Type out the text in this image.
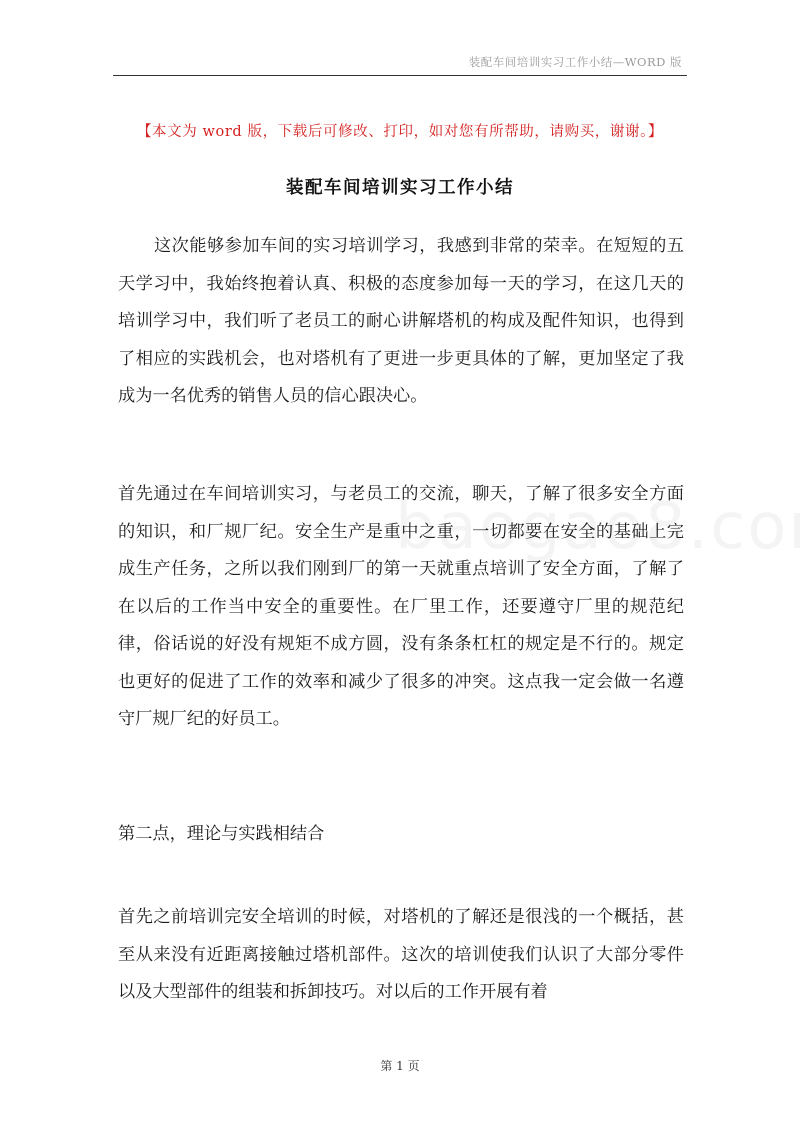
装配车间培训实习工作小结—WORD 版
【本文为 word 版，下载后可修改、打印，如对您有所帮助，请购买，谢谢。】
装配车间培训实习工作小结

这次能够参加车间的实习培训学习，我感到非常的荣幸。在短短的五天学习中，我始终抱着认真、积极的态度参加每一天的学习，在这几天的培训学习中，我们听了老员工的耐心讲解塔机的构成及配件知识，也得到了相应的实践机会，也对塔机有了更进一步更具体的了解，更加坚定了我成为一名优秀的销售人员的信心跟决心。

首先通过在车间培训实习，与老员工的交流，聊天，了解了很多安全方面的知识，和厂规厂纪。安全生产是重中之重，一切都要在安全的基础上完成生产任务，之所以我们刚到厂的第一天就重点培训了安全方面，了解了在以后的工作当中安全的重要性。在厂里工作，还要遵守厂里的规范纪律，俗话说的好没有规矩不成方圆，没有条条杠杠的规定是不行的。规定也更好的促进了工作的效率和减少了很多的冲突。这点我一定会做一名遵守厂规厂纪的好员工。

第二点，理论与实践相结合

首先之前培训完安全培训的时候，对塔机的了解还是很浅的一个概括，甚至从来没有近距离接触过塔机部件。这次的培训使我们认识了大部分零件以及大型部件的组装和拆卸技巧。对以后的工作开展有着

第 1 页
